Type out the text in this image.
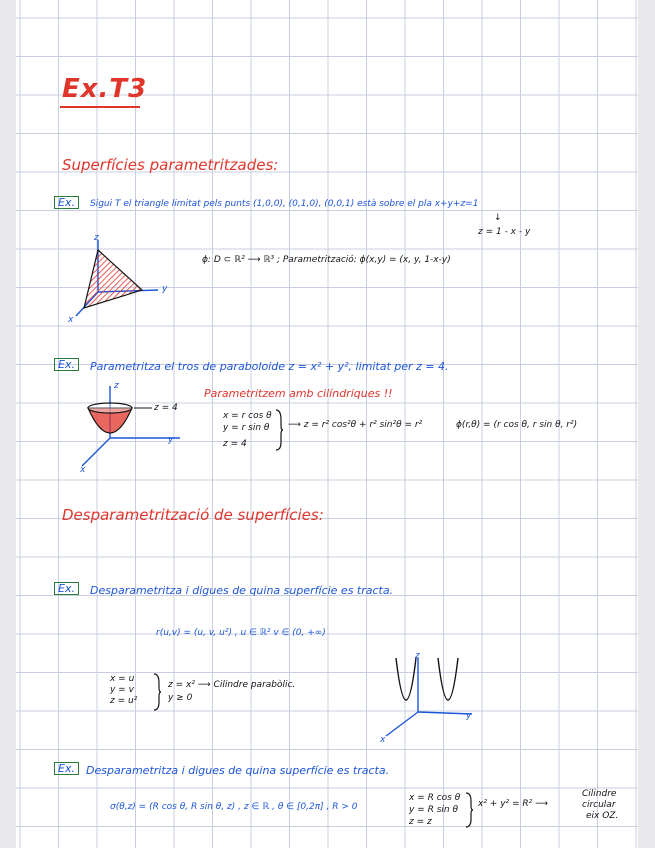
Ex.T3
Superfícies parametritzades:
Ex.	Sigui T el triangle limitat pels punts (1,0,0), (0,1,0), (0,0,1) està sobre el pla x+y+z=1
↓
z = 1 - x - y
ϕ: D ⊂ ℝ² ⟶ ℝ³ ; Parametrització: ϕ(x,y) = (x, y, 1-x-y)
z
y
x
Ex.	Parametritza el tros de paraboloide z = x² + y², limitat per z = 4.
z
y
x
z = 4
Parametritzem amb cilíndriques !!
x = r cos θ
y = r sin θ
z = 4
⟶ z = r² cos²θ + r² sin²θ = r²	ϕ(r,θ) = (r cos θ, r sin θ, r²)
Desparametrització de superfícies:
Ex.	Desparametritza i digues de quina superfície es tracta.
r(u,v) = (u, v, u²) , u ∈ ℝ² v ∈ (0, +∞)
x = u
y = v
z = u²
z = x² ⟶ Cilindre parabòlic.
y ≥ 0
z
y
x
Ex.	Desparametritza i digues de quina superfície es tracta.
σ(θ,z) = (R cos θ, R sin θ, z) , z ∈ ℝ , θ ∈ [0,2π] , R > 0
x = R cos θ
y = R sin θ
z = z
x² + y² = R² ⟶
Cilindre
circular
eix OZ.
